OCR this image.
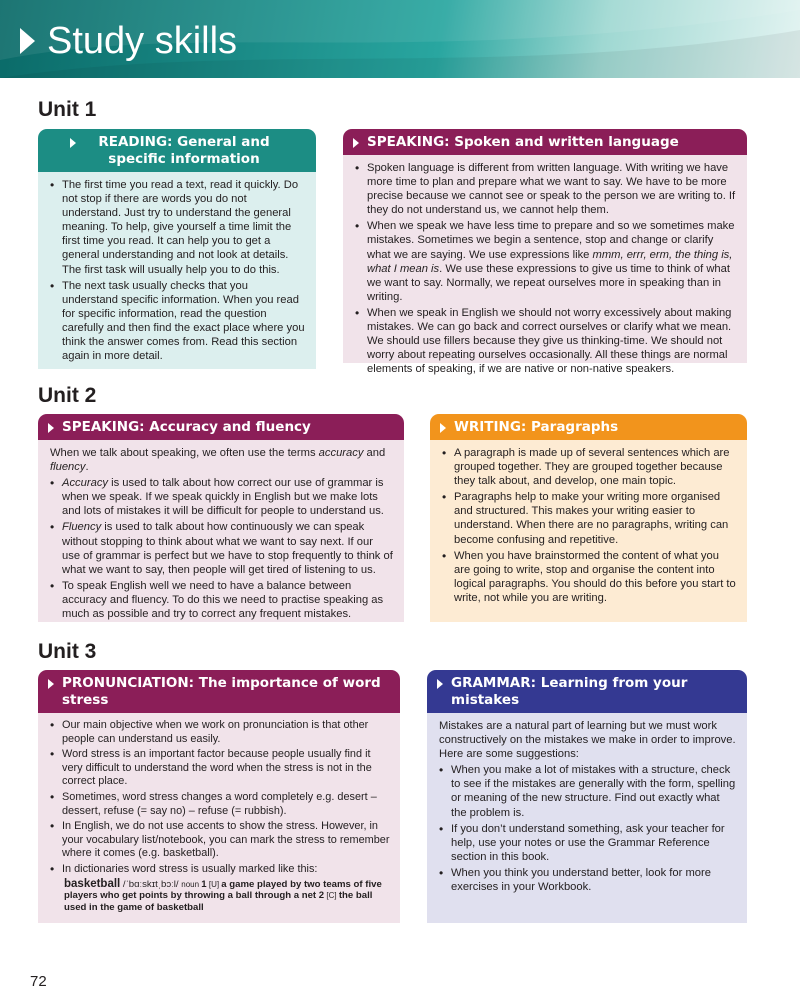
Study skills
Unit 1
READING: General and specific information
• The first time you read a text, read it quickly. Do not stop if there are words you do not understand. Just try to understand the general meaning. To help, give yourself a time limit the first time you read. It can help you to get a general understanding and not look at details. The first task will usually help you to do this.
• The next task usually checks that you understand specific information. When you read for specific information, read the question carefully and then find the exact place where you think the answer comes from. Read this section again in more detail.
SPEAKING: Spoken and written language
• Spoken language is different from written language. With writing we have more time to plan and prepare what we want to say. We have to be more precise because we cannot see or speak to the person we are writing to. If they do not understand us, we cannot help them.
• When we speak we have less time to prepare and so we sometimes make mistakes. Sometimes we begin a sentence, stop and change or clarify what we are saying. We use expressions like mmm, errr, erm, the thing is, what I mean is. We use these expressions to give us time to think of what we want to say. Normally, we repeat ourselves more in speaking than in writing.
• When we speak in English we should not worry excessively about making mistakes. We can go back and correct ourselves or clarify what we mean. We should use fillers because they give us thinking-time. We should not worry about repeating ourselves occasionally. All these things are normal elements of speaking, if we are native or non-native speakers.
Unit 2
SPEAKING: Accuracy and fluency

When we talk about speaking, we often use the terms accuracy and fluency.

• Accuracy is used to talk about how correct our use of grammar is when we speak. If we speak quickly in English but we make lots and lots of mistakes it will be difficult for people to understand us.
• Fluency is used to talk about how continuously we can speak without stopping to think about what we want to say next. If our use of grammar is perfect but we have to stop frequently to think of what we want to say, then people will get tired of listening to us.
• To speak English well we need to have a balance between accuracy and fluency. To do this we need to practise speaking as much as possible and try to correct any frequent mistakes.
WRITING: Paragraphs
• A paragraph is made up of several sentences which are grouped together. They are grouped together because they talk about, and develop, one main topic.
• Paragraphs help to make your writing more organised and structured. This makes your writing easier to understand. When there are no paragraphs, writing can become confusing and repetitive.
• When you have brainstormed the content of what you are going to write, stop and organise the content into logical paragraphs. You should do this before you start to write, not while you are writing.
Unit 3
PRONUNCIATION: The importance of word stress
• Our main objective when we work on pronunciation is that other people can understand us easily.
• Word stress is an important factor because people usually find it very difficult to understand the word when the stress is not in the correct place.
• Sometimes, word stress changes a word completely e.g. desert – dessert, refuse (= say no) – refuse (= rubbish).
• In English, we do not use accents to show the stress. However, in your vocabulary list/notebook, you can mark the stress to remember where it comes (e.g. basketball).
• In dictionaries word stress is usually marked like this:
basketball /ˈbɑːskɪtˌbɔːl/ noun 1 [U] a game played by two teams of five players who get points by throwing a ball through a net 2 [C] the ball used in the game of basketball
GRAMMAR: Learning from your mistakes

Mistakes are a natural part of learning but we must work constructively on the mistakes we make in order to improve. Here are some suggestions:

• When you make a lot of mistakes with a structure, check to see if the mistakes are generally with the form, spelling or meaning of the new structure. Find out exactly what the problem is.
• If you don’t understand something, ask your teacher for help, use your notes or use the Grammar Reference section in this book.
• When you think you understand better, look for more exercises in your Workbook.
72
